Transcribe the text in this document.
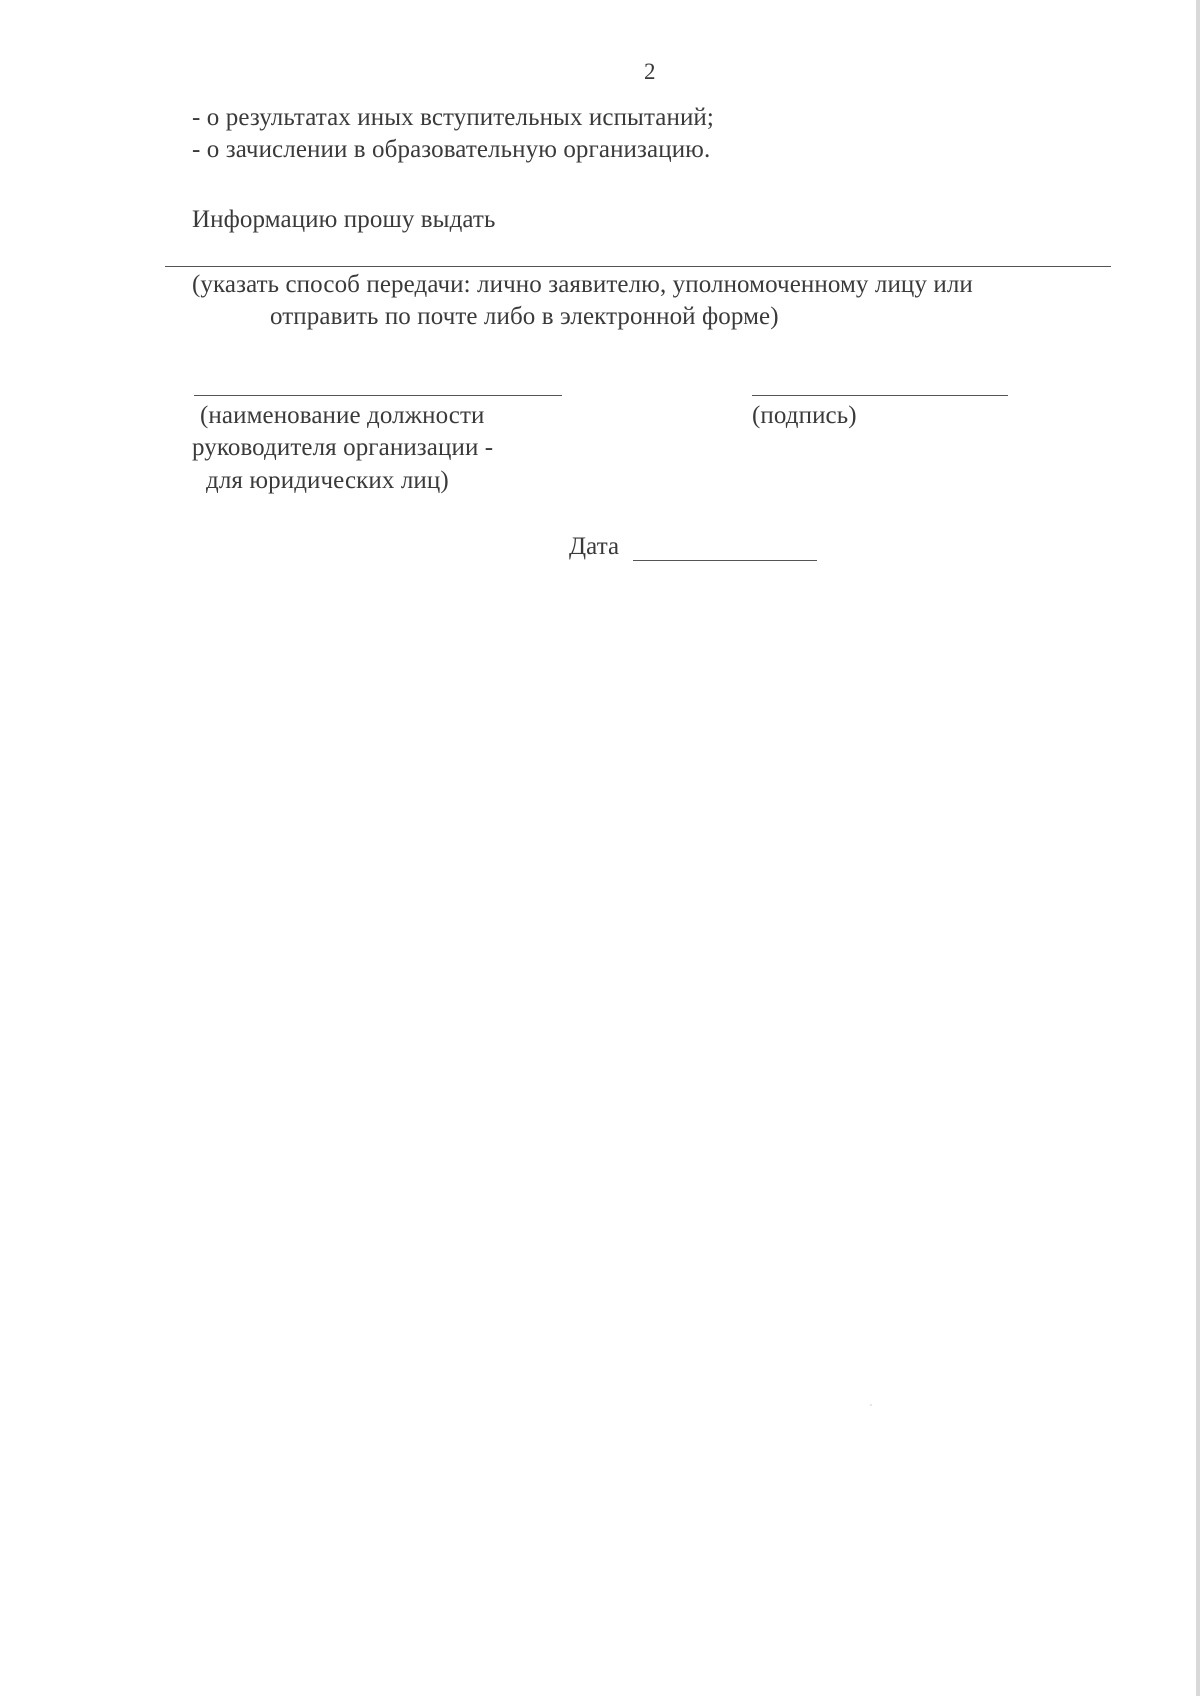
2
- о результатах иных вступительных испытаний;
- о зачислении в образовательную организацию.
Информацию прошу выдать
(указать способ передачи: лично заявителю, уполномоченному лицу или
отправить по почте либо в электронной форме)
(наименование должности
руководителя организации -
для юридических лиц)
(подпись)
Дата
